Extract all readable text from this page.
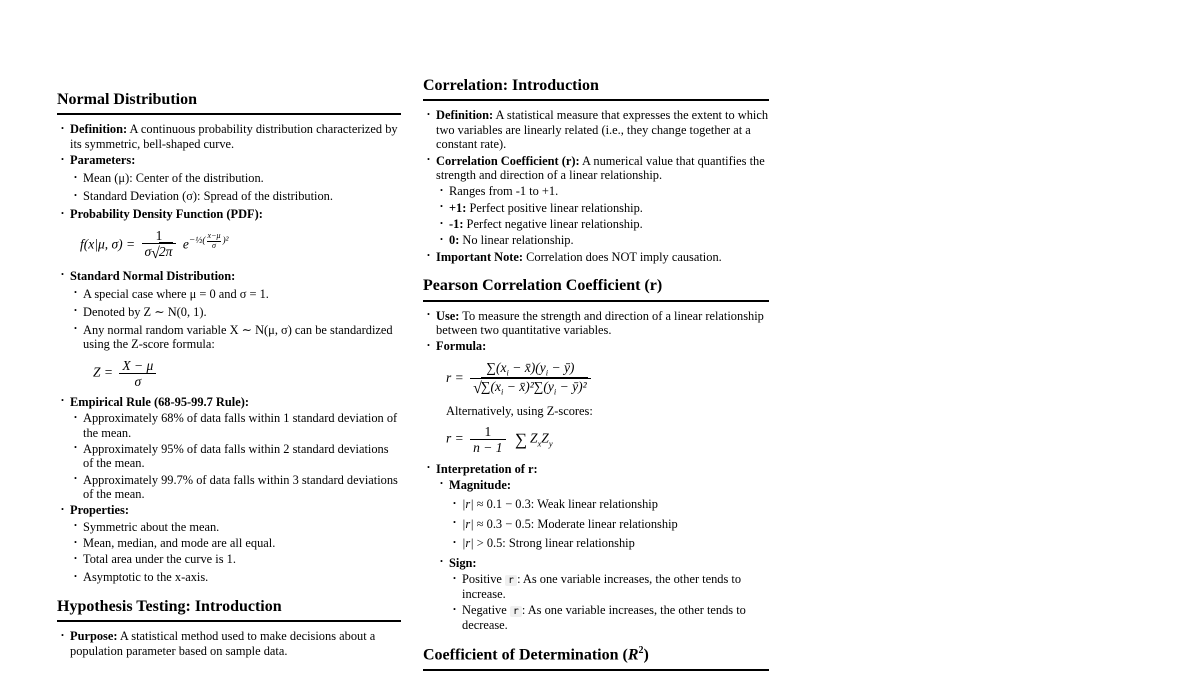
Normal Distribution
• Definition: A continuous probability distribution characterized by its symmetric, bell-shaped curve.
• Parameters:
• Mean (μ): Center of the distribution.
• Standard Deviation (σ): Spread of the distribution.
• Probability Density Function (PDF):
f(x|μ, $\sigma) = \frac{1}{\sigma√2\pi} e^{-\frac{1}{2}( \frac{x-\mu}{\sigma} )^2}$
• Standard Normal Distribution:
• A special case where μ = 0 and σ = 1.
• Denoted by Z ∼ N(0, 1).
• Any normal random variable X ∼ N(μ, σ) can be standardized using the Z-score formula:
$Z = \frac{X - \mu}{\sigma}$
• Empirical Rule (68-95-99.7 Rule):
• Approximately 68% of data falls within 1 standard deviation of the mean.
• Approximately 95% of data falls within 2 standard deviations of the mean.
• Approximately 99.7% of data falls within 3 standard deviations of the mean.
• Properties:
• Symmetric about the mean.
• Mean, median, and mode are all equal.
• Total area under the curve is 1.
• Asymptotic to the x-axis.
Hypothesis Testing: Introduction
• Purpose: A statistical method used to make decisions about a population parameter based on sample data.
Correlation: Introduction
• Definition: A statistical measure that expresses the extent to which two variables are linearly related (i.e., they change together at a constant rate).
• Correlation Coefficient (r): A numerical value that quantifies the strength and direction of a linear relationship.
• Ranges from -1 to +1.
• +1: Perfect positive linear relationship.
• -1: Perfect negative linear relationship.
• 0: No linear relationship.
• Important Note: Correlation does NOT imply causation.
Pearson Correlation Coefficient (r)
• Use: To measure the strength and direction of a linear relationship between two quantitative variables.
• Formula:
$r = \frac{\sum(x_i - x̄)(y_i - ȳ)}{√\sum(x_i - x̄)^2\sum(y_i - ȳ)^2}$
Alternatively, using Z-scores:
$r = \frac{1}{n - 1}$ ∑ $Z_xZ_y$
• Interpretation of r:
• Magnitude:
• |r| ≈ 0.1 − 0.3: Weak linear relationship
• |r| ≈ 0.3 − 0.5: Moderate linear relationship
• |r| > 0.5: Strong linear relationship
• Sign:
• Positive r : As one variable increases, the other tends to increase.
• Negative r : As one variable increases, the other tends to decrease.
Coefficient of Determination $(R^2)$
